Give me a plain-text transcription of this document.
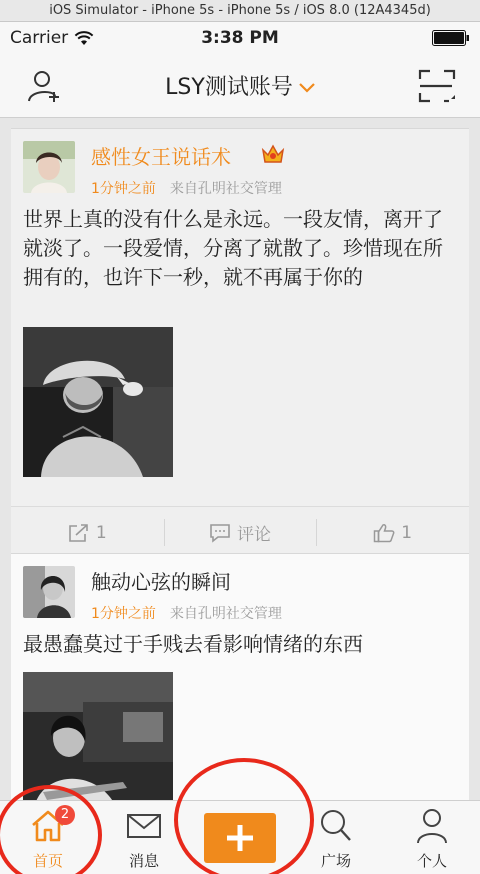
iOS Simulator - iPhone 5s - iPhone 5s / iOS 8.0 (12A4345d)
Carrier	3:38 PM
LSY测试账号
感性女王说话术
1分钟之前 来自孔明社交管理
世界上真的没有什么是永远。一段友情，离开了就淡了。一段爱情，分离了就散了。珍惜现在所拥有的，也许下一秒，就不再属于你的
1	评论	1
触动心弦的瞬间
1分钟之前 来自孔明社交管理
最愚蠢莫过于手贱去看影响情绪的东西
2
首页	消息	广场	个人
